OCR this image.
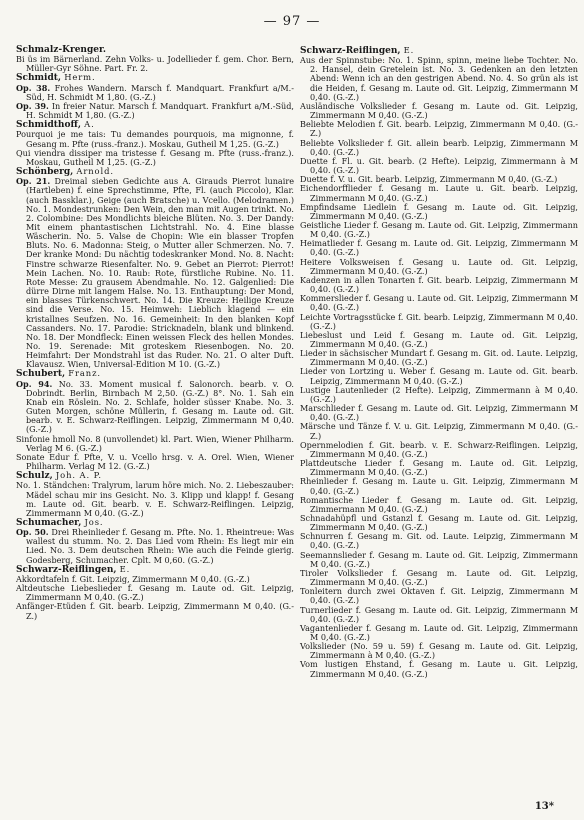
— 97 —
Schmalz-Krenger.

Bi üs im Bärnerland. Zehn Volks- u. Jodellieder f. gem. Chor. Bern, Müller-Gyr Söhne. Part. Fr. 2.

Schmidt, Herm.

Op. 38. Frohes Wandern. Marsch f. Mandquart. Frankfurt a/M.-Süd, H. Schmidt M 1,80. (G.-Z.)

Op. 39. In freier Natur. Marsch f. Mandquart. Frankfurt a/M.-Süd, H. Schmidt M 1,80. (G.-Z.)

Schmidthoff, A.

Pourquoi je me tais: Tu demandes pourquois, ma mignonne, f. Gesang m. Pfte (russ.-franz.). Moskau, Gutheil M 1,25. (G.-Z.)

Qui viendra dissiper ma tristesse f. Gesang m. Pfte (russ.-franz.). Moskau, Gutheil M 1,25. (G.-Z.)

Schönberg, Arnold.

Op. 21. Dreimal sieben Gedichte aus A. Girauds Pierrot lunaire (Hartleben) f. eine Sprechstimme, Pfte, Fl. (auch Piccolo), Klar. (auch Bassklar.), Geige (auch Bratsche) u. Vcello. (Melodramen.) No. 1. Mondestrunken: Den Wein, den man mit Augen trinkt. No. 2. Colombine: Des Mondlichts bleiche Blüten. No. 3. Der Dandy: Mit einem phantastischen Lichtstrahl. No. 4. Eine blasse Wäscherin. No. 5. Valse de Chopin: Wie ein blasser Tropfen Bluts. No. 6. Madonna: Steig, o Mutter aller Schmerzen. No. 7. Der kranke Mond: Du nächtig todeskranker Mond. No. 8. Nacht: Finstre schwarze Riesenfalter. No. 9. Gebet an Pierrot: Pierrot! Mein Lachen. No. 10. Raub: Rote, fürstliche Rubine. No. 11. Rote Messe: Zu grausem Abendmahle. No. 12. Galgenlied: Die dürre Dirne mit langem Halse. No. 13. Enthauptung: Der Mond, ein blasses Türkenschwert. No. 14. Die Kreuze: Heilige Kreuze sind die Verse. No. 15. Heimweh: Lieblich klagend — ein kristallnes Seufzen. No. 16. Gemeinheit: In den blanken Kopf Cassanders. No. 17. Parodie: Stricknadeln, blank und blinkend. No. 18. Der Mondfleck: Einen weissen Fleck des hellen Mondes. No. 19. Serenade: Mit groteskem Riesenbogen. No. 20. Heimfahrt: Der Mondstrahl ist das Ruder. No. 21. O alter Duft. Klavausz. Wien, Universal-Edition M 10. (G.-Z.)

Schubert, Franz.

Op. 94. No. 33. Moment musical f. Salonorch. bearb. v. O. Dobrindt. Berlin, Birnbach M 2,50. (G.-Z.) 8°. No. 1. Sah ein Knab ein Röslein. No. 2. Schlafe, holder süsser Knabe. No. 3. Guten Morgen, schöne Müllerin, f. Gesang m. Laute od. Git. bearb. v. E. Schwarz-Reiflingen. Leipzig, Zimmermann M 0,40. (G.-Z.)

Sinfonie hmoll No. 8 (unvollendet) kl. Part. Wien, Wiener Philharm. Verlag M 6. (G.-Z.)

Sonate Edur f. Pfte, V. u. Vcello hrsg. v. A. Orel. Wien, Wiener Philharm. Verlag M 12. (G.-Z.)

Schulz, Joh. A. P.

No. 1. Ständchen: Tralyrum, larum höre mich. No. 2. Liebeszauber: Mädel schau mir ins Gesicht. No. 3. Klipp und klapp! f. Gesang m. Laute od. Git. bearb. v. E. Schwarz-Reiflingen. Leipzig, Zimmermann M 0,40. (G.-Z.)

Schumacher, Jos.

Op. 50. Drei Rheinlieder f. Gesang m. Pfte. No. 1. Rheintreue: Was wallest du stumm. No. 2. Das Lied vom Rhein: Es liegt mir ein Lied. No. 3. Dem deutschen Rhein: Wie auch die Feinde gierig. Godesberg, Schumacher. Cplt. M 0,60. (G.-Z.)

Schwarz-Reiflingen, E.

Akkordtafeln f. Git. Leipzig, Zimmermann M 0,40. (G.-Z.)

Altdeutsche Liebeslieder f. Gesang m. Laute od. Git. Leipzig, Zimmermann M 0,40. (G.-Z.)

Anfänger-Etüden f. Git. bearb. Leipzig, Zimmermann M 0,40. (G.-Z.)

Schwarz-Reiflingen, E.

Aus der Spinnstube: No. 1. Spinn, spinn, meine liebe Tochter. No. 2. Hansel, dein Gretelein ist. No. 3. Gedenken an den letzten Abend: Wenn ich an den gestrigen Abend. No. 4. So grün als ist die Heiden, f. Gesang m. Laute od. Git. Leipzig, Zimmermann M 0,40. (G.-Z.)

Ausländische Volkslieder f. Gesang m. Laute od. Git. Leipzig, Zimmermann M 0,40. (G.-Z.)

Beliebte Melodien f. Git. bearb. Leipzig, Zimmermann M 0,40. (G.-Z.)

Beliebte Volkslieder f. Git. allein bearb. Leipzig, Zimmermann M 0,40. (G.-Z.)

Duette f. Fl. u. Git. bearb. (2 Hefte). Leipzig, Zimmermann à M 0,40. (G.-Z.)

Duette f. V. u. Git. bearb. Leipzig, Zimmermann M 0,40. (G.-Z.)

Eichendorfflieder f. Gesang m. Laute u. Git. bearb. Leipzig, Zimmermann M 0,40. (G.-Z.)

Empfindsame Liedlein f. Gesang m. Laute od. Git. Leipzig, Zimmermann M 0,40. (G.-Z.)

Geistliche Lieder f. Gesang m. Laute od. Git. Leipzig, Zimmermann M 0,40. (G.-Z.)

Heimatlieder f. Gesang m. Laute od. Git. Leipzig, Zimmermann M 0,40. (G.-Z.)

Heitere Volksweisen f. Gesang u. Laute od. Git. Leipzig, Zimmermann M 0,40. (G.-Z.)

Kadenzen in allen Tonarten f. Git. bearb. Leipzig, Zimmermann M 0,40. (G.-Z.)

Kommerslieder f. Gesang u. Laute od. Git. Leipzig, Zimmermann M 0,40. (G.-Z.)

Leichte Vortragsstücke f. Git. bearb. Leipzig, Zimmermann M 0,40. (G.-Z.)

Liebeslust und Leid f. Gesang m. Laute od. Git. Leipzig, Zimmermann M 0,40. (G.-Z.)

Lieder in sächsischer Mundart f. Gesang m. Git. od. Laute. Leipzig, Zimmermann M 0,40. (G.-Z.)

Lieder von Lortzing u. Weber f. Gesang m. Laute od. Git. bearb. Leipzig, Zimmermann M 0,40. (G.-Z.)

Lustige Lautenlieder (2 Hefte). Leipzig, Zimmermann à M 0,40. (G.-Z.)

Marschlieder f. Gesang m. Laute od. Git. Leipzig, Zimmermann M 0,40. (G.-Z.)

Märsche und Tänze f. V. u. Git. Leipzig, Zimmermann M 0,40. (G.-Z.)

Opernmelodien f. Git. bearb. v. E. Schwarz-Reiflingen. Leipzig, Zimmermann M 0,40. (G.-Z.)

Plattdeutsche Lieder f. Gesang m. Laute od. Git. Leipzig, Zimmermann M 0,40. (G.-Z.)

Rheinlieder f. Gesang m. Laute u. Git. Leipzig, Zimmermann M 0,40. (G.-Z.)

Romantische Lieder f. Gesang m. Laute od. Git. Leipzig, Zimmermann M 0,40. (G.-Z.)

Schnadahüpfl und Gstanzl f. Gesang m. Laute od. Git. Leipzig, Zimmermann M 0,40. (G.-Z.)

Schnurren f. Gesang m. Git. od. Laute. Leipzig, Zimmermann M 0,40. (G.-Z.)

Seemannslieder f. Gesang m. Laute od. Git. Leipzig, Zimmermann M 0,40. (G.-Z.)

Tiroler Volkslieder f. Gesang m. Laute od. Git. Leipzig, Zimmermann M 0,40. (G.-Z.)

Tonleitern durch zwei Oktaven f. Git. Leipzig, Zimmermann M 0,40. (G.-Z.)

Turnerlieder f. Gesang m. Laute od. Git. Leipzig, Zimmermann M 0,40. (G.-Z.)

Vagantenlieder f. Gesang m. Laute od. Git. Leipzig, Zimmermann M 0,40. (G.-Z.)

Volkslieder (No. 59 u. 59) f. Gesang m. Laute od. Git. Leipzig, Zimmermann à M 0,40. (G.-Z.)

Vom lustigen Ehstand, f. Gesang m. Laute u. Git. Leipzig, Zimmermann M 0,40. (G.-Z.)

13*
